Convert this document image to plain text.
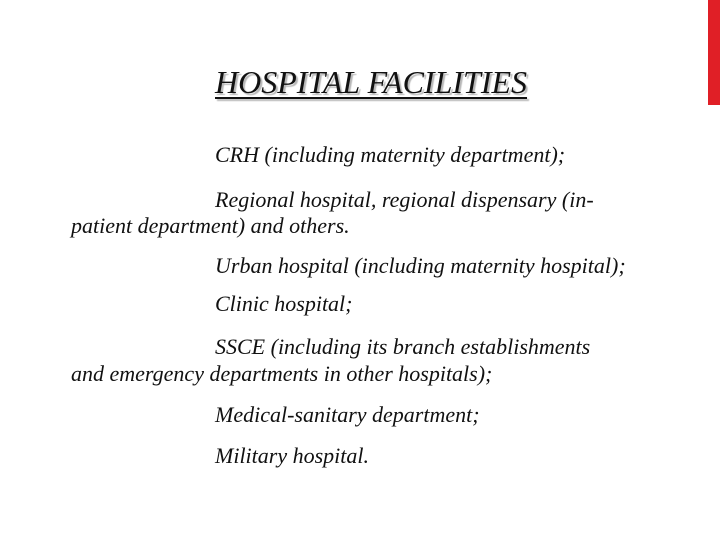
HOSPITAL FACILITIES

CRH (including maternity department);

Regional hospital, regional dispensary (in-

patient department) and others.

Urban hospital (including maternity hospital);

Clinic hospital;

SSCE (including its branch establishments

and emergency departments in other hospitals);

Medical-sanitary department;

Military hospital.
